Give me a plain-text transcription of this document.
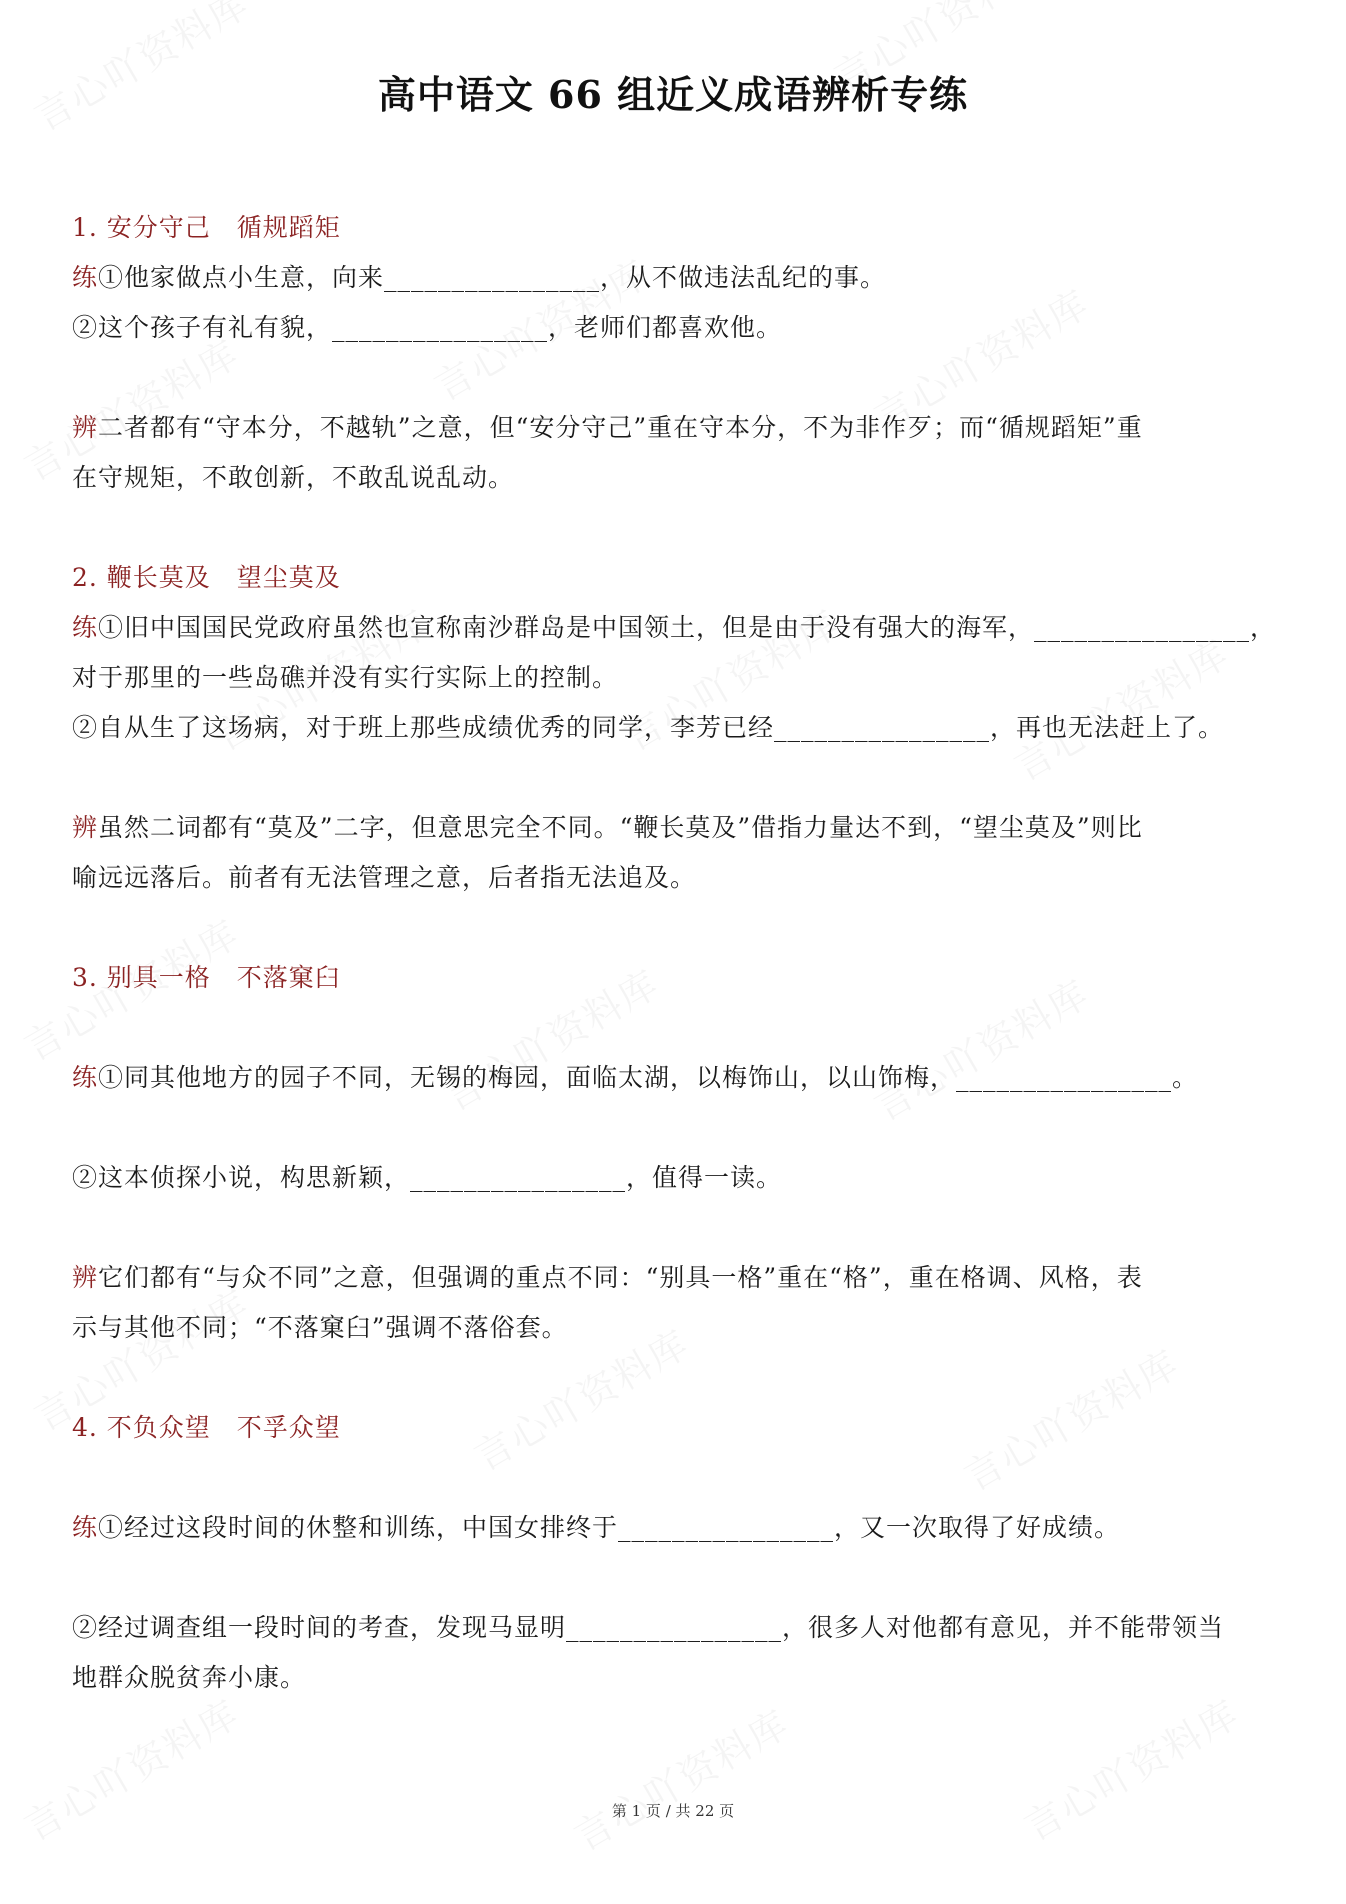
高中语文 66 组近义成语辨析专练
1. 安分守己　循规蹈矩
练①他家做点小生意，向来________________，从不做违法乱纪的事。
②这个孩子有礼有貌，________________，老师们都喜欢他。
辨二者都有“守本分，不越轨”之意，但“安分守己”重在守本分，不为非作歹；而“循规蹈矩”重
在守规矩，不敢创新，不敢乱说乱动。
2. 鞭长莫及　望尘莫及
练①旧中国国民党政府虽然也宣称南沙群岛是中国领土，但是由于没有强大的海军，________________，
对于那里的一些岛礁并没有实行实际上的控制。
②自从生了这场病，对于班上那些成绩优秀的同学，李芳已经________________，再也无法赶上了。
辨虽然二词都有“莫及”二字，但意思完全不同。“鞭长莫及”借指力量达不到，“望尘莫及”则比
喻远远落后。前者有无法管理之意，后者指无法追及。
3. 别具一格　不落窠臼
练①同其他地方的园子不同，无锡的梅园，面临太湖，以梅饰山，以山饰梅，________________。
②这本侦探小说，构思新颖，________________，值得一读。
辨它们都有“与众不同”之意，但强调的重点不同：“别具一格”重在“格”，重在格调、风格，表
示与其他不同；“不落窠臼”强调不落俗套。
4. 不负众望　不孚众望
练①经过这段时间的休整和训练，中国女排终于________________，又一次取得了好成绩。
②经过调查组一段时间的考查，发现马显明________________，很多人对他都有意见，并不能带领当
地群众脱贫奔小康。
第 1 页 / 共 22 页
